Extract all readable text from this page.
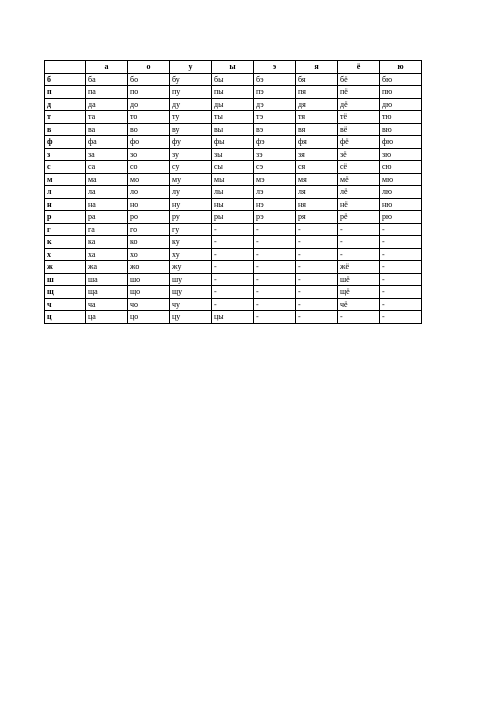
	а	о	у	ы	э	я	ё	ю
б	ба	бо	бу	бы	бэ	бя	бё	бю
п	па	по	пу	пы	пэ	пя	пё	пю
д	да	до	ду	ды	дэ	дя	дё	дю
т	та	то	ту	ты	тэ	тя	тё	тю
в	ва	во	ву	вы	вэ	вя	вё	вю
ф	фа	фо	фу	фы	фэ	фя	фё	фю
з	за	зо	зу	зы	зэ	зя	зё	зю
с	са	со	су	сы	сэ	ся	сё	сю
м	ма	мо	му	мы	мэ	мя	мё	мю
л	ла	ло	лу	лы	лэ	ля	лё	лю
н	на	но	ну	ны	нэ	ня	нё	ню
р	ра	ро	ру	ры	рэ	ря	рё	рю
г	га	го	гу	-	-	-	-	-
к	ка	ко	ку	-	-	-	-	-
х	ха	хо	ху	-	-	-	-	-
ж	жа	жо	жу	-	-	-	жё	-
ш	ша	шо	шу	-	-	-	шё	-
щ	ща	що	щу	-	-	-	щё	-
ч	ча	чо	чу	-	-	-	чё	-
ц	ца	цо	цу	цы	-	-	-	-
